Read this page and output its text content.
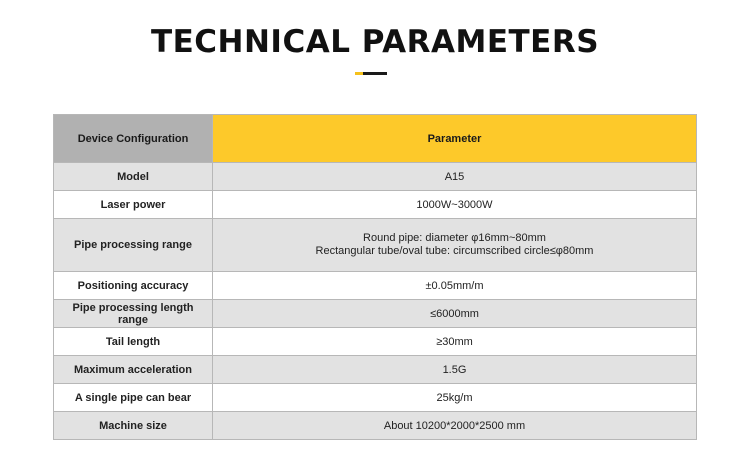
TECHNICAL PARAMETERS
Device Configuration	Parameter
Model	A15
Laser power	1000W~3000W
Pipe processing range	Round pipe: diameter φ16mm~80mm
Rectangular tube/oval tube: circumscribed circle≤φ80mm

Positioning accuracy	±0.05mm/m
Pipe processing length range	≤6000mm
Tail length	≥30mm
Maximum acceleration	1.5G
A single pipe can bear	25kg/m
Machine size	About 10200*2000*2500 mm
